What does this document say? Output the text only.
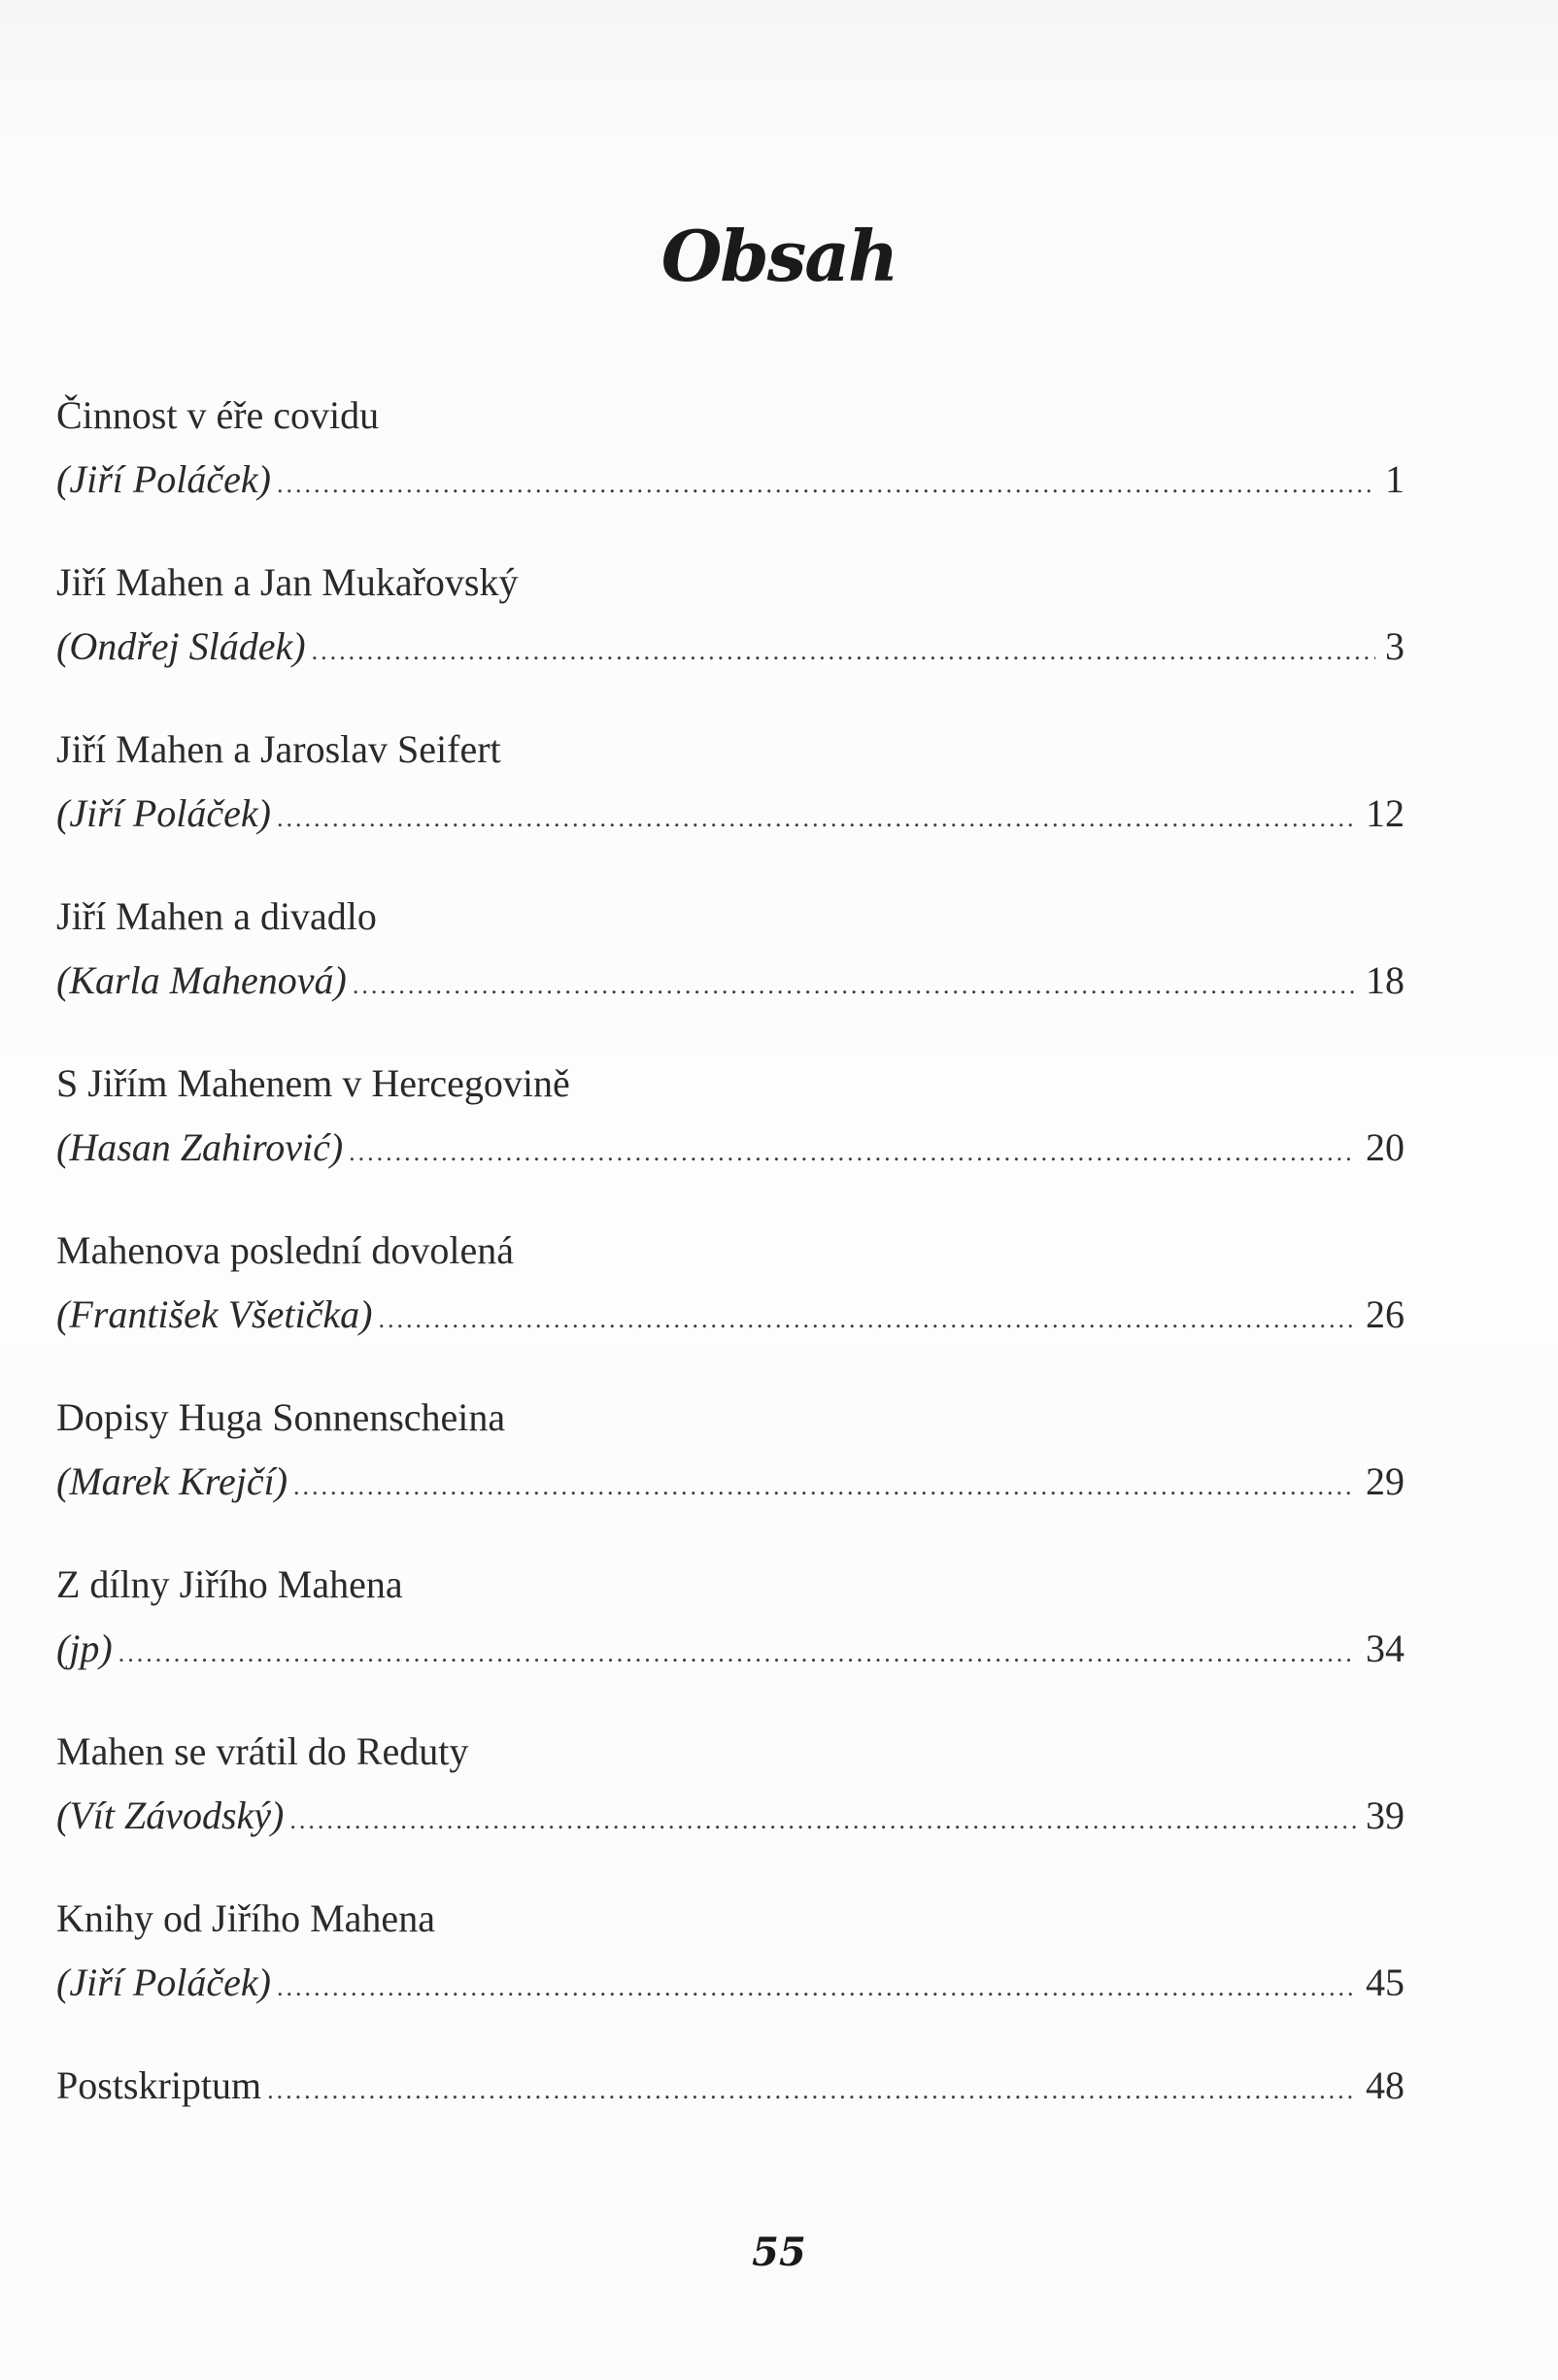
Obsah
Činnost v éře covidu
(Jiří Poláček) .....	1
Jiří Mahen a Jan Mukařovský
(Ondřej Sládek) .....	3
Jiří Mahen a Jaroslav Seifert
(Jiří Poláček) .....	12
Jiří Mahen a divadlo
(Karla Mahenová) .....	18
S Jiřím Mahenem v Hercegovině
(Hasan Zahirović) .....	20
Mahenova poslední dovolená
(František Všetička) .....	26
Dopisy Huga Sonnenscheina
(Marek Krejčí) .....	29
Z dílny Jiřího Mahena
(jp) .....	34
Mahen se vrátil do Reduty
(Vít Závodský) .....	39
Knihy od Jiřího Mahena
(Jiří Poláček) .....	45
Postskriptum .....	48
55
